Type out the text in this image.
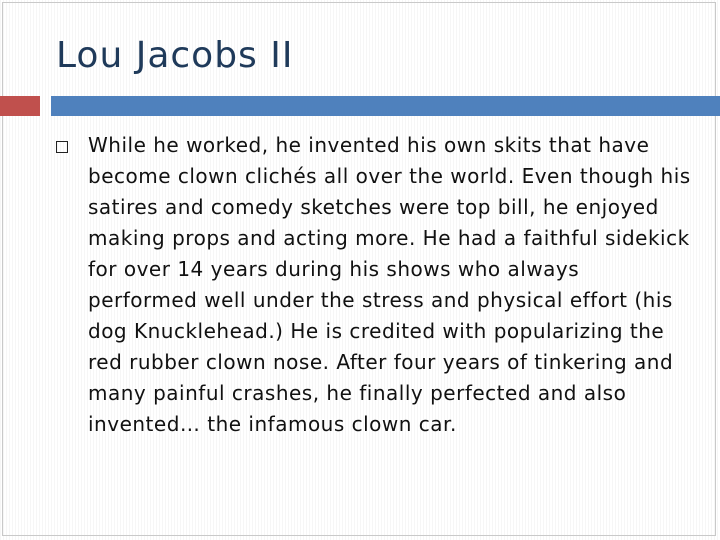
Lou Jacobs II

While he worked, he invented his own skits that have become clown clichés all over the world. Even though his satires and comedy sketches were top bill, he enjoyed making props and acting more. He had a faithful sidekick for over 14 years during his shows who always performed well under the stress and physical effort (his dog Knucklehead.) He is credited with popularizing the red rubber clown nose. After four years of tinkering and many painful crashes, he finally perfected and also invented… the infamous clown car.
